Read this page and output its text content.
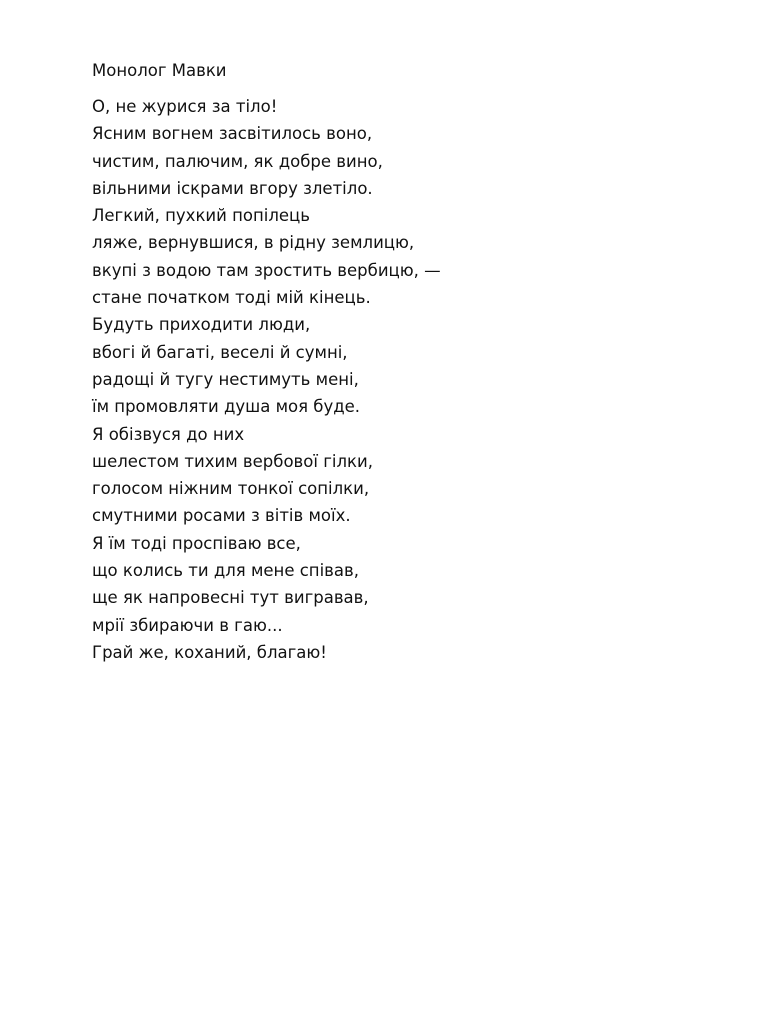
Монолог Мавки
О, не журися за тіло!
Ясним вогнем засвітилось воно,
чистим, палючим, як добре вино,
вільними іскрами вгору злетіло.
Легкий, пухкий попілець
ляже, вернувшися, в рідну землицю,
вкупі з водою там зростить вербицю, —
стане початком тоді мій кінець.
Будуть приходити люди,
вбогі й багаті, веселі й сумні,
радощі й тугу нестимуть мені,
їм промовляти душа моя буде.
Я обізвуся до них
шелестом тихим вербової гілки,
голосом ніжним тонкої сопілки,
смутними росами з вітів моїх.
Я їм тоді проспіваю все,
що колись ти для мене співав,
ще як напровесні тут вигравав,
мрії збираючи в гаю...
Грай же, коханий, благаю!
